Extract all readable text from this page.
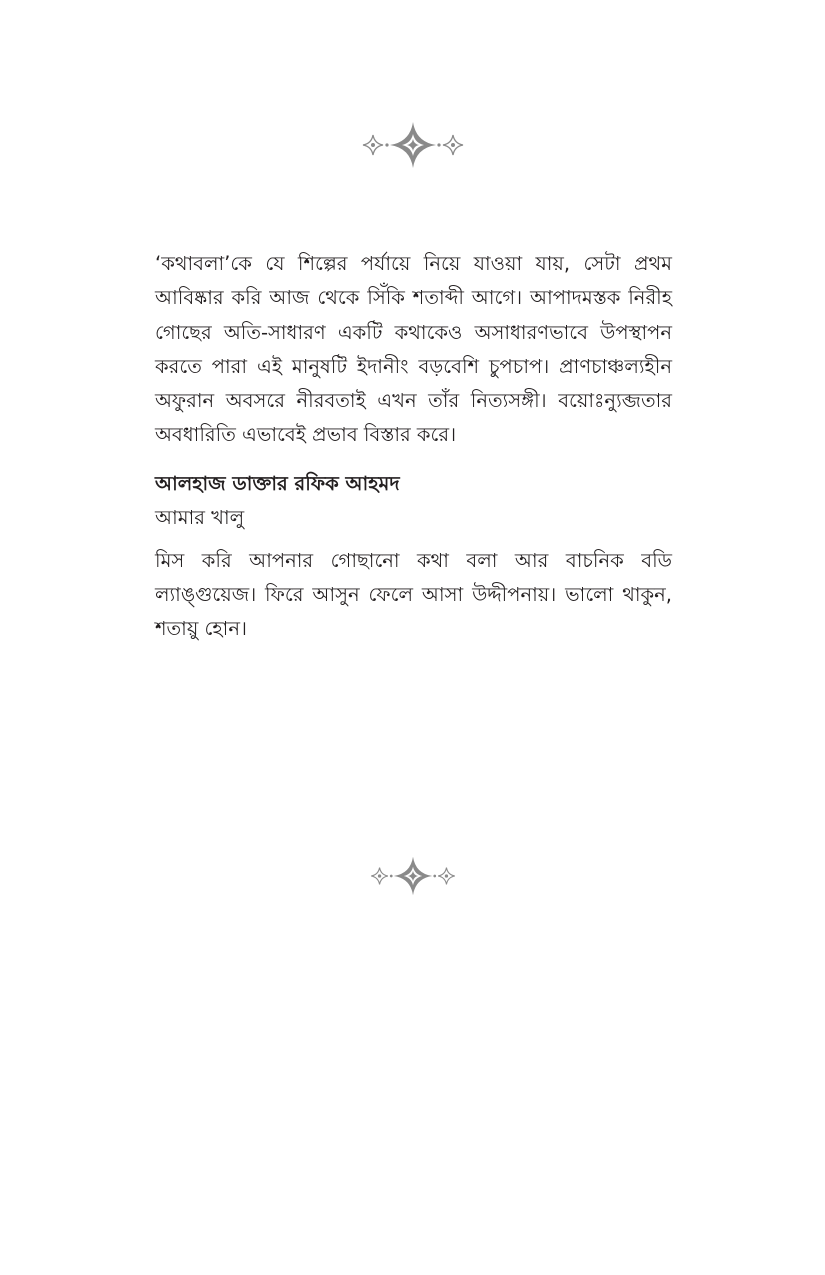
‘কথাবলা’কে যে শিল্পের পর্যায়ে নিয়ে যাওয়া যায়, সেটা প্রথম আবিষ্কার করি আজ থেকে সিঁকি শতাব্দী আগে। আপাদমস্তক নিরীহ গোছের অতি-সাধারণ একটি কথাকেও অসাধারণভাবে উপস্থাপন করতে পারা এই মানুষটি ইদানীং বড়বেশি চুপচাপ। প্রাণচাঞ্চল্যহীন অফুরান অবসরে নীরবতাই এখন তাঁর নিত্যসঙ্গী। বয়োঃন্যুব্জতার অবধারিতি এভাবেই প্রভাব বিস্তার করে।

আলহাজ ডাক্তার রফিক আহমদ

আমার খালু

মিস করি আপনার গোছানো কথা বলা আর বাচনিক বডি ল্যাঙ্গুয়েজ। ফিরে আসুন ফেলে আসা উদ্দীপনায়। ভালো থাকুন, শতায়ু হোন।
